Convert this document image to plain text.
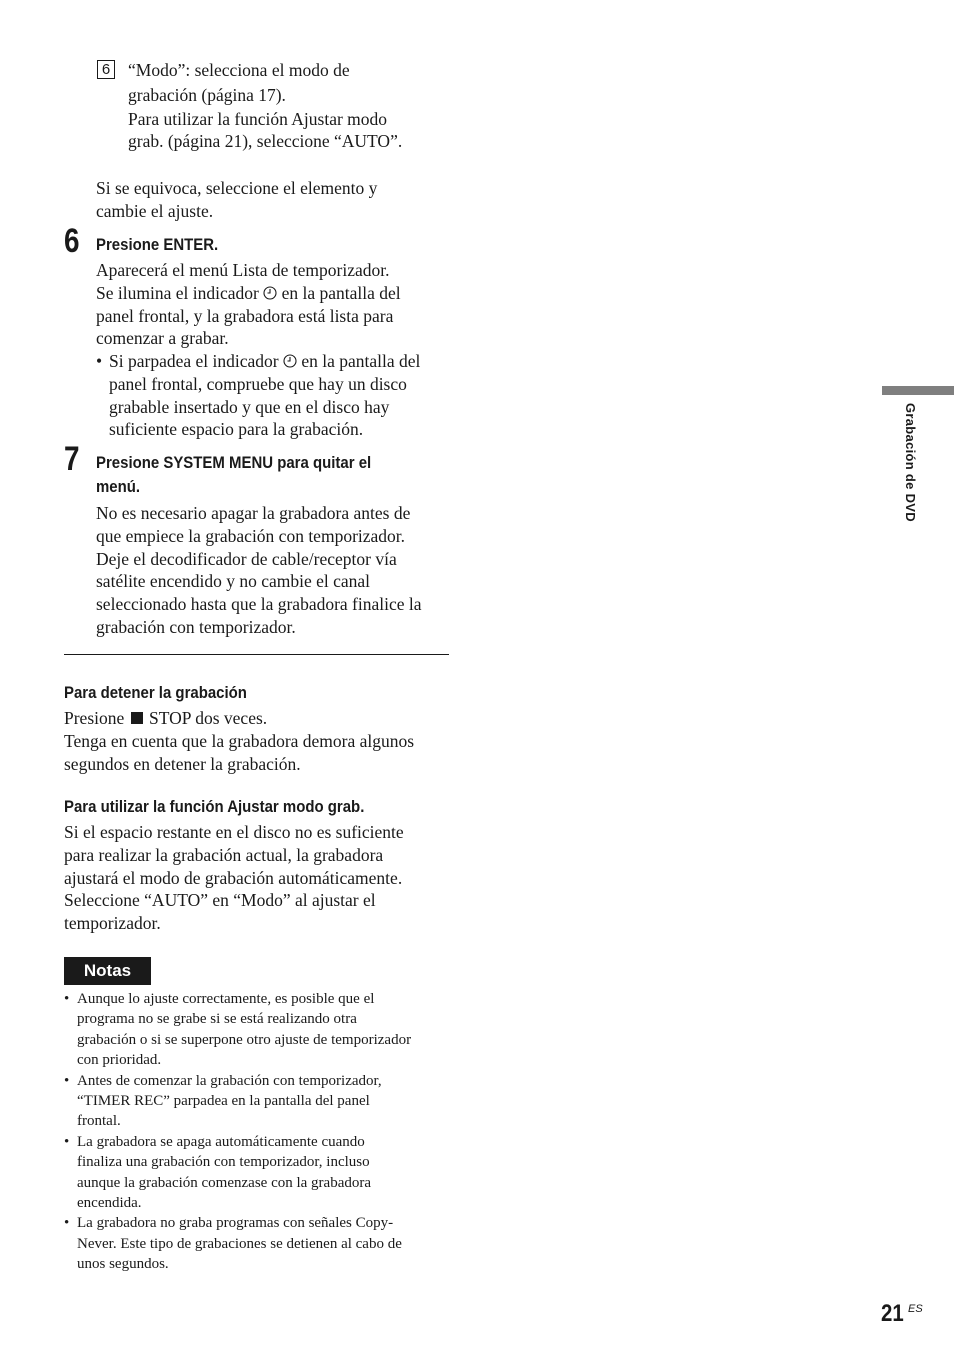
6 “Modo”: selecciona el modo de
grabación (página 17).
Para utilizar la función Ajustar modo
grab. (página 21), seleccione “AUTO”.
Si se equivoca, seleccione el elemento y
cambie el ajuste.
6 Presione ENTER.
Aparecerá el menú Lista de temporizador.
Se ilumina el indicador en la pantalla del
panel frontal, y la grabadora está lista para
comenzar a grabar.
• Si parpadea el indicador en la pantalla del
panel frontal, compruebe que hay un disco
grabable insertado y que en el disco hay
suficiente espacio para la grabación.
7 Presione SYSTEM MENU para quitar el
menú.
No es necesario apagar la grabadora antes de
que empiece la grabación con temporizador.
Deje el decodificador de cable/receptor vía
satélite encendido y no cambie el canal
seleccionado hasta que la grabadora finalice la
grabación con temporizador.
Para detener la grabación
Presione STOP dos veces.
Tenga en cuenta que la grabadora demora algunos
segundos en detener la grabación.
Para utilizar la función Ajustar modo grab.
Si el espacio restante en el disco no es suficiente
para realizar la grabación actual, la grabadora
ajustará el modo de grabación automáticamente.
Seleccione “AUTO” en “Modo” al ajustar el
temporizador.
Notas
• Aunque lo ajuste correctamente, es posible que el
programa no se grabe si se está realizando otra
grabación o si se superpone otro ajuste de temporizador
con prioridad.
• Antes de comenzar la grabación con temporizador,
“TIMER REC” parpadea en la pantalla del panel
frontal.
• La grabadora se apaga automáticamente cuando
finaliza una grabación con temporizador, incluso
aunque la grabación comenzase con la grabadora
encendida.
• La grabadora no graba programas con señales Copy-
Never. Este tipo de grabaciones se detienen al cabo de
unos segundos.
Grabación de DVD
21 ES
